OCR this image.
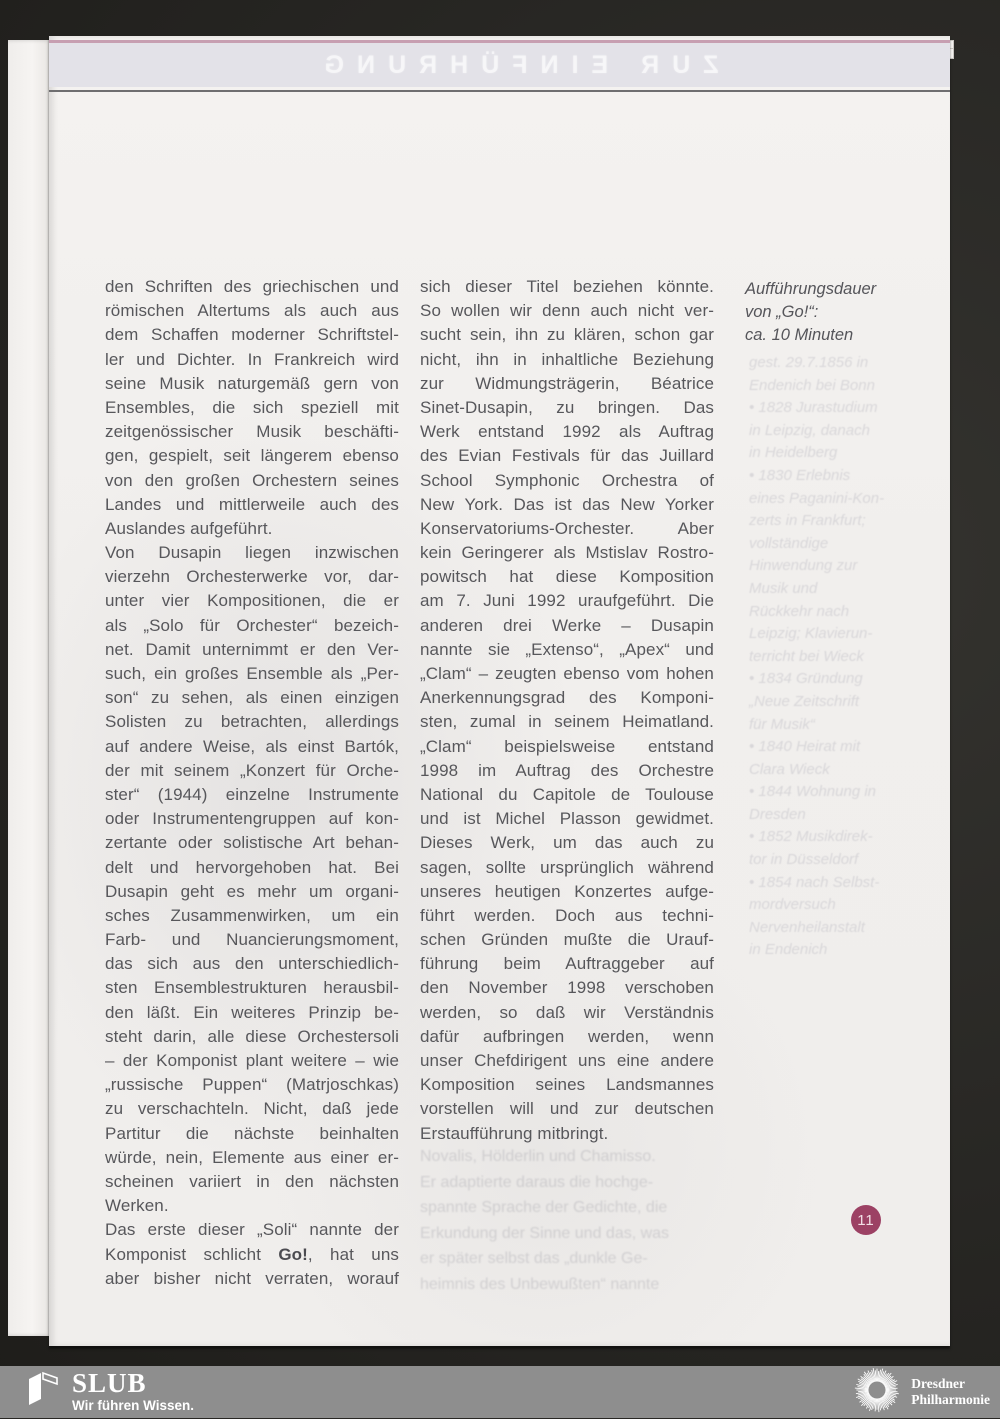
ZUR EINFÜHRUNG
den Schriften des griechischen und
römischen Altertums als auch aus
dem Schaffen moderner Schriftstel-
ler und Dichter. In Frankreich wird
seine Musik naturgemäß gern von
Ensembles, die sich speziell mit
zeitgenössischer Musik beschäfti-
gen, gespielt, seit längerem ebenso
von den großen Orchestern seines
Landes und mittlerweile auch des
Auslandes aufgeführt.
Von Dusapin liegen inzwischen
vierzehn Orchesterwerke vor, dar-
unter vier Kompositionen, die er
als „Solo für Orchester“ bezeich-
net. Damit unternimmt er den Ver-
such, ein großes Ensemble als „Per-
son“ zu sehen, als einen einzigen
Solisten zu betrachten, allerdings
auf andere Weise, als einst Bartók,
der mit seinem „Konzert für Orche-
ster“ (1944) einzelne Instrumente
oder Instrumentengruppen auf kon-
zertante oder solistische Art behan-
delt und hervorgehoben hat. Bei
Dusapin geht es mehr um organi-
sches Zusammenwirken, um ein
Farb- und Nuancierungsmoment,
das sich aus den unterschiedlich-
sten Ensemblestrukturen herausbil-
den läßt. Ein weiteres Prinzip be-
steht darin, alle diese Orchestersoli
– der Komponist plant weitere – wie
„russische Puppen“ (Matrjoschkas)
zu verschachteln. Nicht, daß jede
Partitur die nächste beinhalten
würde, nein, Elemente aus einer er-
scheinen variiert in den nächsten
Werken.
Das erste dieser „Soli“ nannte der
Komponist schlicht Go!, hat uns
aber bisher nicht verraten, worauf
sich dieser Titel beziehen könnte.
So wollen wir denn auch nicht ver-
sucht sein, ihn zu klären, schon gar
nicht, ihn in inhaltliche Beziehung
zur Widmungsträgerin, Béatrice
Sinet-Dusapin, zu bringen. Das
Werk entstand 1992 als Auftrag
des Evian Festivals für das Juillard
School Symphonic Orchestra of
New York. Das ist das New Yorker
Konservatoriums-Orchester. Aber
kein Geringerer als Mstislav Rostro-
powitsch hat diese Komposition
am 7. Juni 1992 uraufgeführt. Die
anderen drei Werke – Dusapin
nannte sie „Extenso“, „Apex“ und
„Clam“ – zeugten ebenso vom hohen
Anerkennungsgrad des Komponi-
sten, zumal in seinem Heimatland.
„Clam“ beispielsweise entstand
1998 im Auftrag des Orchestre
National du Capitole de Toulouse
und ist Michel Plasson gewidmet.
Dieses Werk, um das auch zu
sagen, sollte ursprünglich während
unseres heutigen Konzertes aufge-
führt werden. Doch aus techni-
schen Gründen mußte die Urauf-
führung beim Auftraggeber auf
den November 1998 verschoben
werden, so daß wir Verständnis
dafür aufbringen werden, wenn
unser Chefdirigent uns eine andere
Komposition seines Landsmannes
vorstellen will und zur deutschen
Erstaufführung mitbringt.
Aufführungsdauer
von „Go!“:
ca. 10 Minuten
gest. 29.7.1856 in
Endenich bei Bonn
• 1828 Jurastudium
in Leipzig, danach
in Heidelberg
• 1830 Erlebnis
eines Paganini-Kon-
zerts in Frankfurt;
vollständige
Hinwendung zur
Musik und
Rückkehr nach
Leipzig; Klavierun-
terricht bei Wieck
• 1834 Gründung
„Neue Zeitschrift
für Musik“
• 1840 Heirat mit
Clara Wieck
• 1844 Wohnung in
Dresden
• 1852 Musikdirek-
tor in Düsseldorf
• 1854 nach Selbst-
mordversuch
Nervenheilanstalt
in Endenich
Novalis, Hölderlin und Chamisso.
Er adaptierte daraus die hochge-
spannte Sprache der Gedichte, die
Erkundung der Sinne und das, was
er später selbst das „dunkle Ge-
heimnis des Unbewußten“ nannte
11
SLUB
Wir führen Wissen.
Dresdner
Philharmonie
